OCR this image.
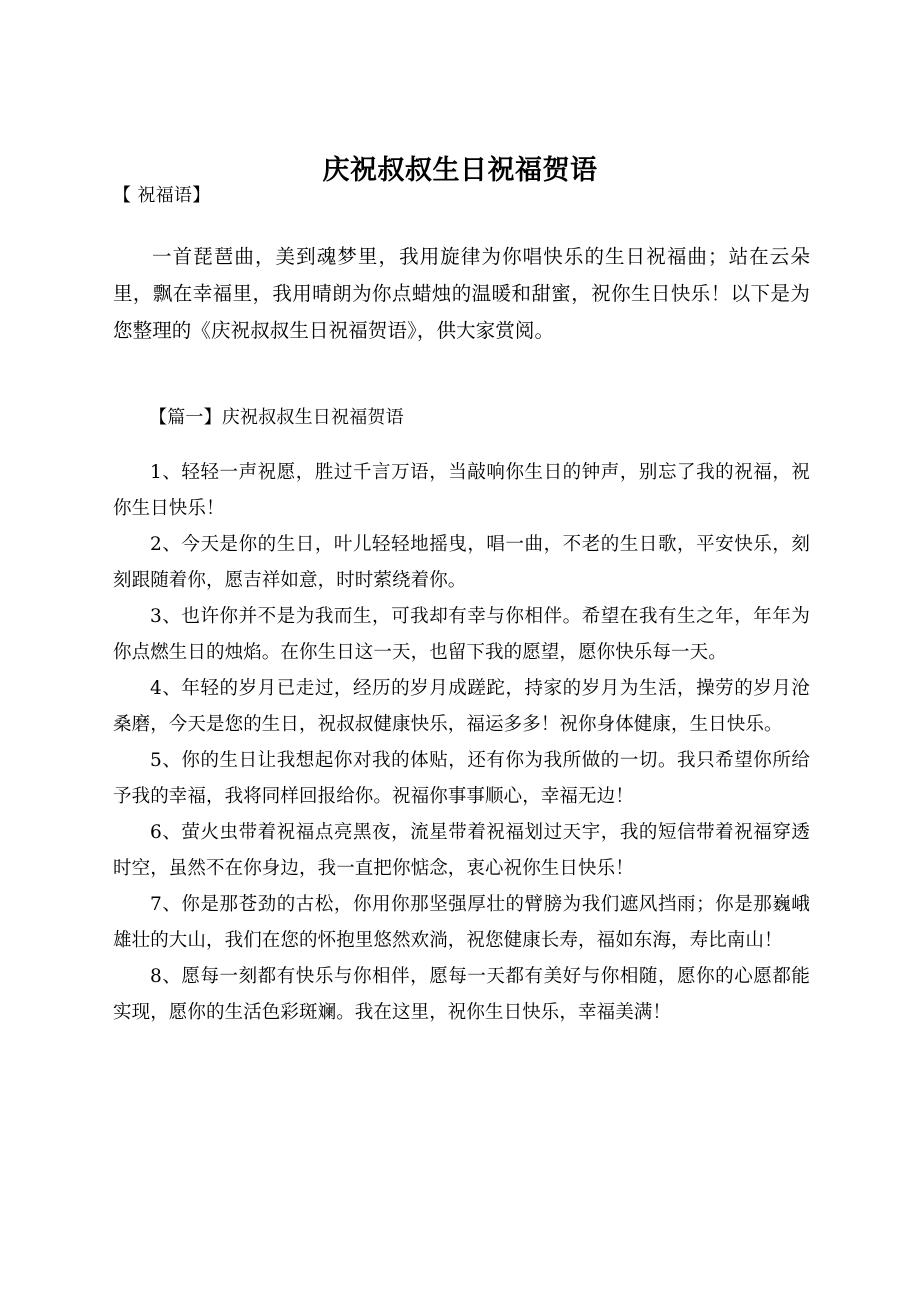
庆祝叔叔生日祝福贺语

【 祝福语】

一首琵琶曲，美到魂梦里，我用旋律为你唱快乐的生日祝福曲；站在云朵里，飘在幸福里，我用晴朗为你点蜡烛的温暖和甜蜜，祝你生日快乐！以下是为您整理的《庆祝叔叔生日祝福贺语》，供大家赏阅。

【篇一】庆祝叔叔生日祝福贺语

1、轻轻一声祝愿，胜过千言万语，当敲响你生日的钟声，别忘了我的祝福，祝你生日快乐！
2、今天是你的生日，叶儿轻轻地摇曳，唱一曲，不老的生日歌，平安快乐，刻刻跟随着你，愿吉祥如意，时时萦绕着你。
3、也许你并不是为我而生，可我却有幸与你相伴。希望在我有生之年，年年为你点燃生日的烛焰。在你生日这一天，也留下我的愿望，愿你快乐每一天。
4、年轻的岁月已走过，经历的岁月成蹉跎，持家的岁月为生活，操劳的岁月沧桑磨，今天是您的生日，祝叔叔健康快乐，福运多多！祝你身体健康，生日快乐。
5、你的生日让我想起你对我的体贴，还有你为我所做的一切。我只希望你所给予我的幸福，我将同样回报给你。祝福你事事顺心，幸福无边！
6、萤火虫带着祝福点亮黑夜，流星带着祝福划过天宇，我的短信带着祝福穿透时空，虽然不在你身边，我一直把你惦念，衷心祝你生日快乐！
7、你是那苍劲的古松，你用你那坚强厚壮的臂膀为我们遮风挡雨；你是那巍峨雄壮的大山，我们在您的怀抱里悠然欢淌，祝您健康长寿，福如东海，寿比南山！
8、愿每一刻都有快乐与你相伴，愿每一天都有美好与你相随，愿你的心愿都能实现，愿你的生活色彩斑斓。我在这里，祝你生日快乐，幸福美满！
